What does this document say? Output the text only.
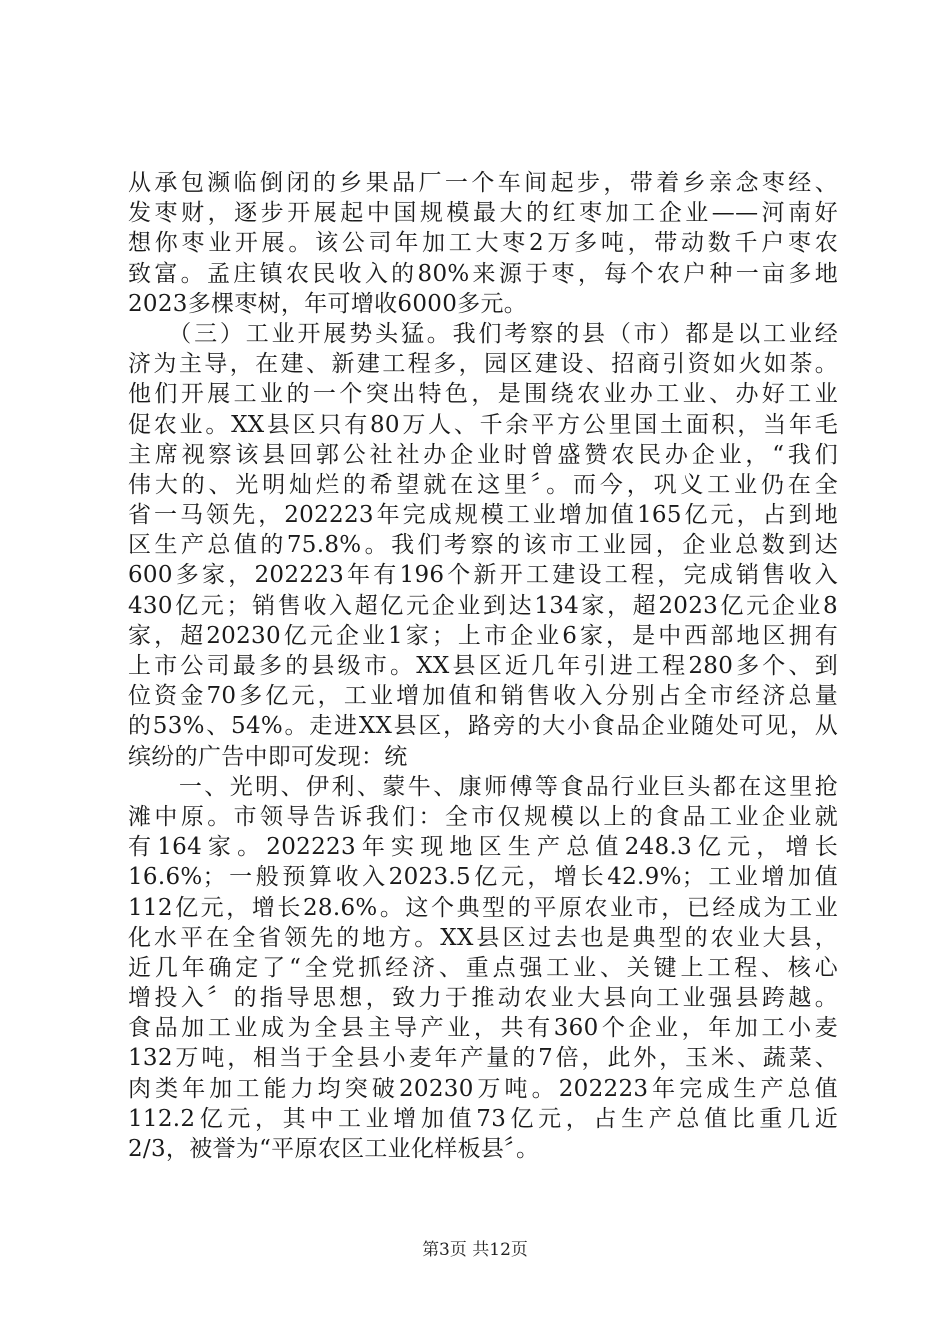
从承包濒临倒闭的乡果品厂一个车间起步，带着乡亲念枣经、
发枣财，逐步开展起中国规模最大的红枣加工企业——河南好
想你枣业开展。该公司年加工大枣2万多吨，带动数千户枣农
致富。孟庄镇农民收入的80%来源于枣，每个农户种一亩多地
2023多棵枣树，年可增收6000多元。
　　（三）工业开展势头猛。我们考察的县（市）都是以工业经
济为主导，在建、新建工程多，园区建设、招商引资如火如荼。
他们开展工业的一个突出特色，是围绕农业办工业、办好工业
促农业。XX县区只有80万人、千余平方公里国土面积，当年毛
主席视察该县回郭公社社办企业时曾盛赞农民办企业，“我们
伟大的、光明灿烂的希望就在这里〞。而今，巩义工业仍在全
省一马领先，202223年完成规模工业增加值165亿元，占到地
区生产总值的75.8%。我们考察的该市工业园，企业总数到达
600多家，202223年有196个新开工建设工程，完成销售收入
430亿元；销售收入超亿元企业到达134家，超2023亿元企业8
家，超20230亿元企业1家；上市企业6家，是中西部地区拥有
上市公司最多的县级市。XX县区近几年引进工程280多个、到
位资金70多亿元，工业增加值和销售收入分别占全市经济总量
的53%、54%。走进XX县区，路旁的大小食品企业随处可见，从
缤纷的广告中即可发现：统
　　一、光明、伊利、蒙牛、康师傅等食品行业巨头都在这里抢
滩中原。市领导告诉我们：全市仅规模以上的食品工业企业就
有164家。202223年实现地区生产总值248.3亿元，增长
16.6%；一般预算收入2023.5亿元，增长42.9%；工业增加值
112亿元，增长28.6%。这个典型的平原农业市，已经成为工业
化水平在全省领先的地方。XX县区过去也是典型的农业大县，
近几年确定了“全党抓经济、重点强工业、关键上工程、核心
增投入〞的指导思想，致力于推动农业大县向工业强县跨越。
食品加工业成为全县主导产业，共有360个企业，年加工小麦
132万吨，相当于全县小麦年产量的7倍，此外，玉米、蔬菜、
肉类年加工能力均突破20230万吨。202223年完成生产总值
112.2亿元，其中工业增加值73亿元，占生产总值比重几近
2/3，被誉为“平原农区工业化样板县〞。
第3页 共12页
